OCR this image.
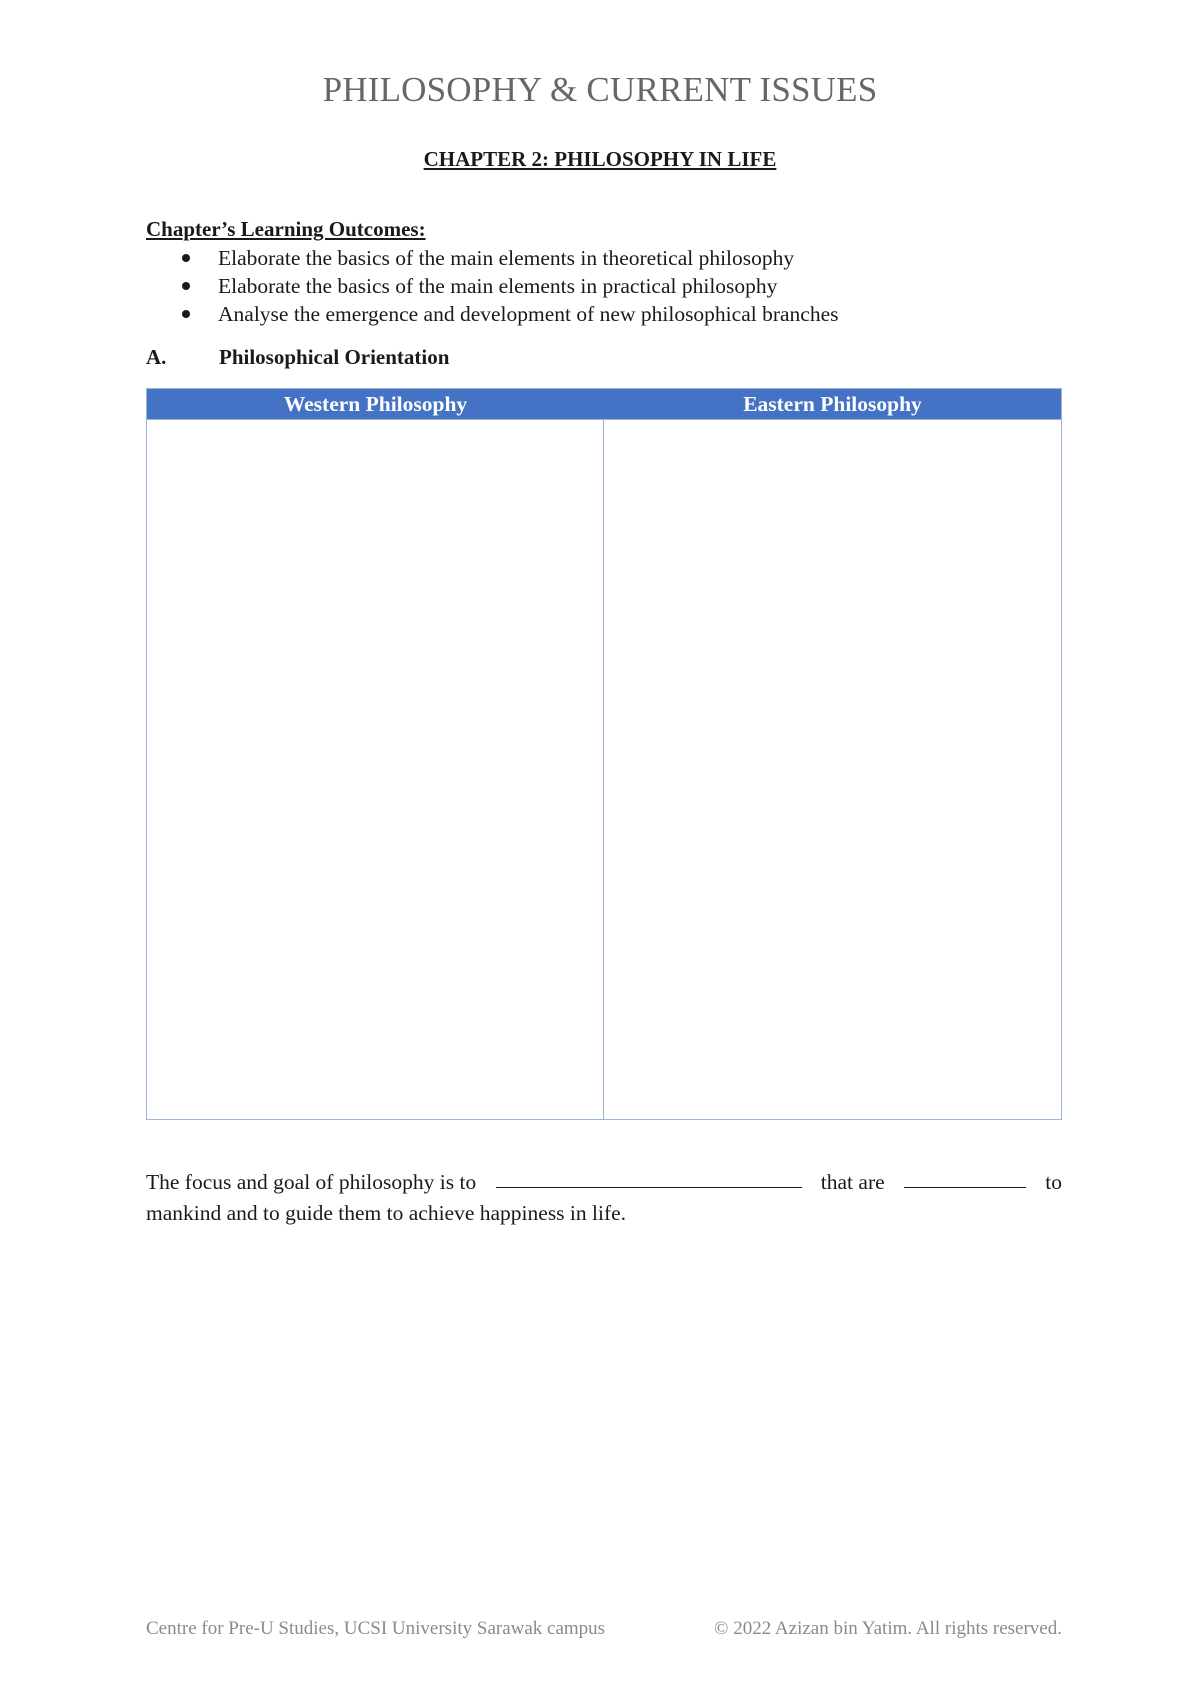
PHILOSOPHY & CURRENT ISSUES
CHAPTER 2: PHILOSOPHY IN LIFE
Chapter’s Learning Outcomes:
Elaborate the basics of the main elements in theoretical philosophy
Elaborate the basics of the main elements in practical philosophy
Analyse the emergence and development of new philosophical branches
A.	Philosophical Orientation
Western Philosophy	Eastern Philosophy
The focus and goal of philosophy is to	that are	to
mankind and to guide them to achieve happiness in life.
Centre for Pre-U Studies, UCSI University Sarawak campus	© 2022 Azizan bin Yatim. All rights reserved.
